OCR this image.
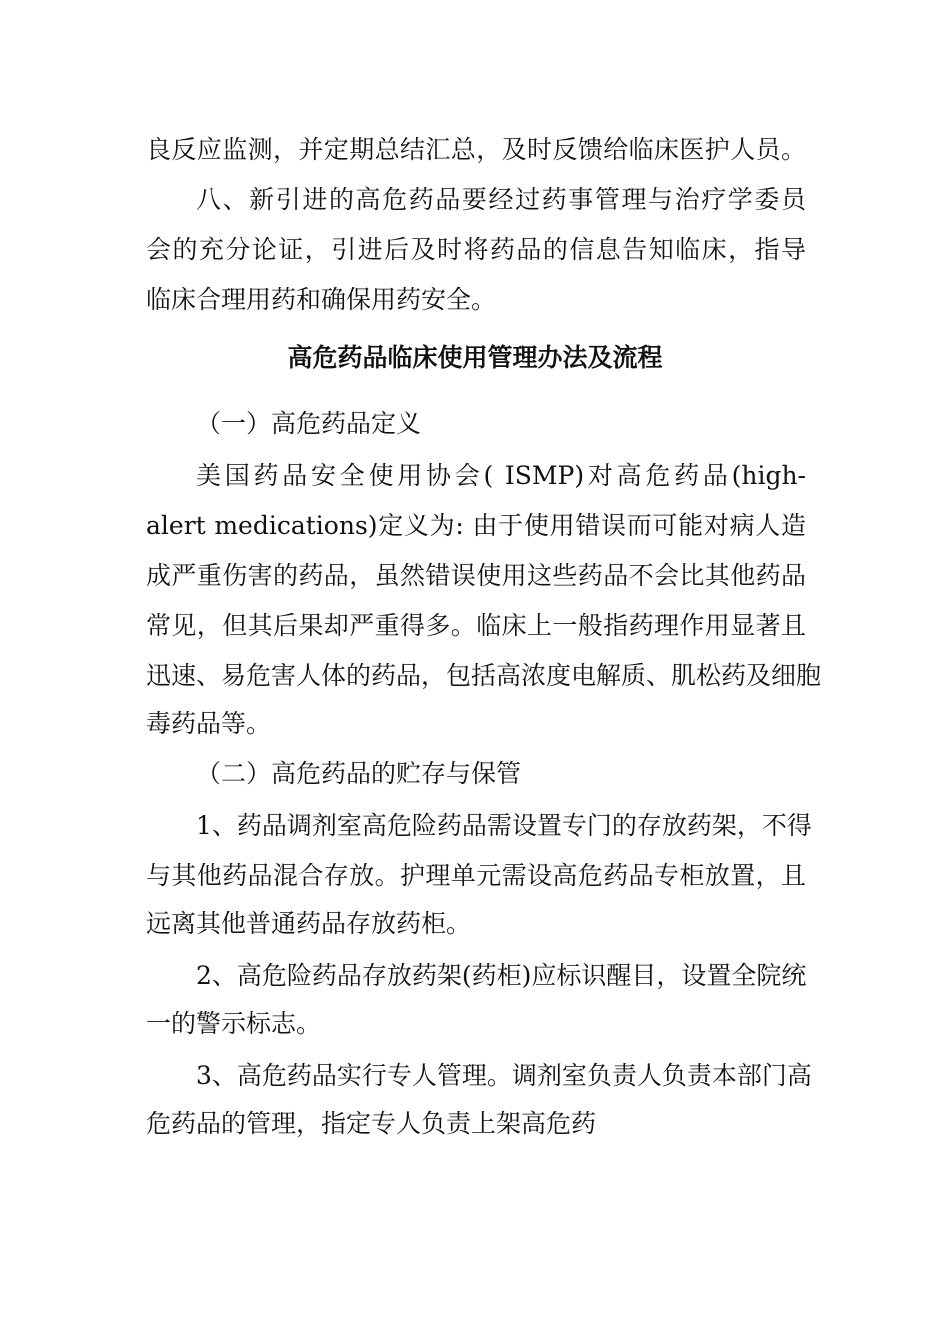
良反应监测，并定期总结汇总，及时反馈给临床医护人员。
八、新引进的高危药品要经过药事管理与治疗学委员
会的充分论证，引进后及时将药品的信息告知临床，指导
临床合理用药和确保用药安全。
高危药品临床使用管理办法及流程
（一）高危药品定义
美国药品安全使用协会( ISMP)对高危药品(high-
alert medications)定义为: 由于使用错误而可能对病人造
成严重伤害的药品，虽然错误使用这些药品不会比其他药品
常见，但其后果却严重得多。临床上一般指药理作用显著且
迅速、易危害人体的药品，包括高浓度电解质、肌松药及细胞
毒药品等。
（二）高危药品的贮存与保管
1、药品调剂室高危险药品需设置专门的存放药架，不得
与其他药品混合存放。护理单元需设高危药品专柜放置，且
远离其他普通药品存放药柜。
2、高危险药品存放药架(药柜)应标识醒目，设置全院统
一的警示标志。
3、高危药品实行专人管理。调剂室负责人负责本部门高
危药品的管理，指定专人负责上架高危药
